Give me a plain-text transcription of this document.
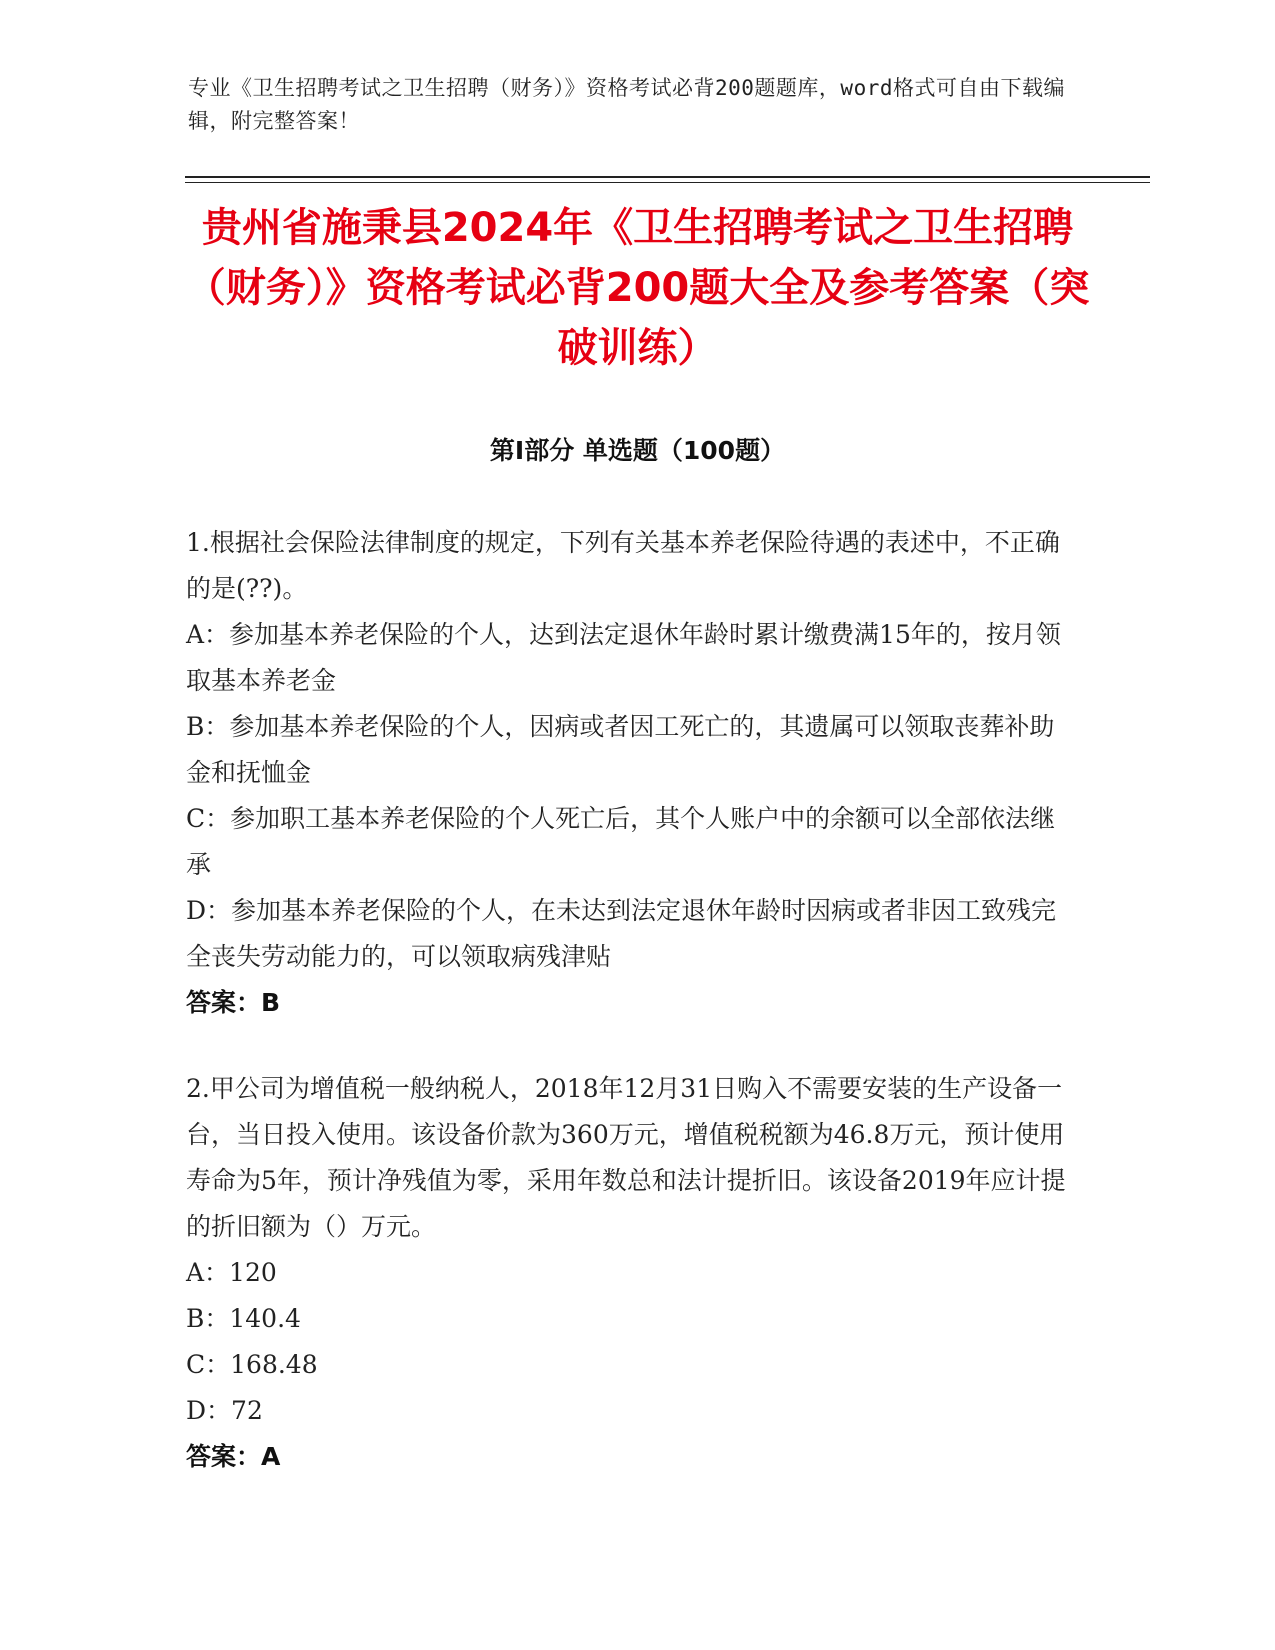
专业《卫生招聘考试之卫生招聘（财务）》资格考试必背200题题库，word格式可自由下载编辑，附完整答案！
贵州省施秉县2024年《卫生招聘考试之卫生招聘（财务）》资格考试必背200题大全及参考答案（突破训练）
第I部分 单选题（100题）

1.根据社会保险法律制度的规定，下列有关基本养老保险待遇的表述中，不正确的是(??)。

A：参加基本养老保险的个人，达到法定退休年龄时累计缴费满15年的，按月领取基本养老金

B：参加基本养老保险的个人，因病或者因工死亡的，其遗属可以领取丧葬补助金和抚恤金

C：参加职工基本养老保险的个人死亡后，其个人账户中的余额可以全部依法继承

D：参加基本养老保险的个人，在未达到法定退休年龄时因病或者非因工致残完全丧失劳动能力的，可以领取病残津贴

答案：B

2.甲公司为增值税一般纳税人，2018年12月31日购入不需要安装的生产设备一台，当日投入使用。该设备价款为360万元，增值税税额为46.8万元，预计使用寿命为5年，预计净残值为零，采用年数总和法计提折旧。该设备2019年应计提的折旧额为（）万元。

A：120

B：140.4

C：168.48

D：72

答案：A
